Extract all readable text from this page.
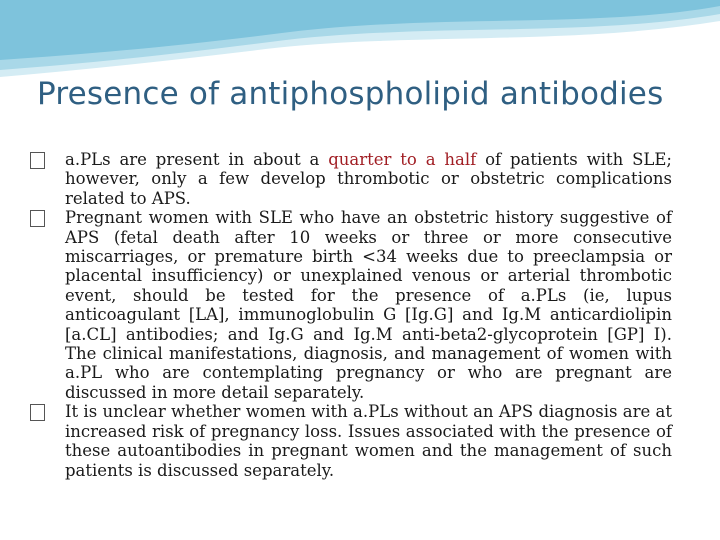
Presence of antiphospholipid antibodies

a.PLs are present in about a quarter to a half of patients with SLE; however, only a few develop thrombotic or obstetric complications related to APS.

Pregnant women with SLE who have an obstetric history suggestive of APS (fetal death after 10 weeks or three or more consecutive miscarriages, or premature birth <34 weeks due to preeclampsia or placental insufficiency) or unexplained venous or arterial thrombotic event, should be tested for the presence of a.PLs (ie, lupus anticoagulant [LA], immunoglobulin G [Ig.G] and Ig.M anticardiolipin [a.CL] antibodies; and Ig.G and Ig.M anti-beta2-glycoprotein [GP] I). The clinical manifestations, diagnosis, and management of women with a.PL who are contemplating pregnancy or who are pregnant are discussed in more detail separately.

It is unclear whether women with a.PLs without an APS diagnosis are at increased risk of pregnancy loss. Issues associated with the presence of these autoantibodies in pregnant women and the management of such patients is discussed separately.
